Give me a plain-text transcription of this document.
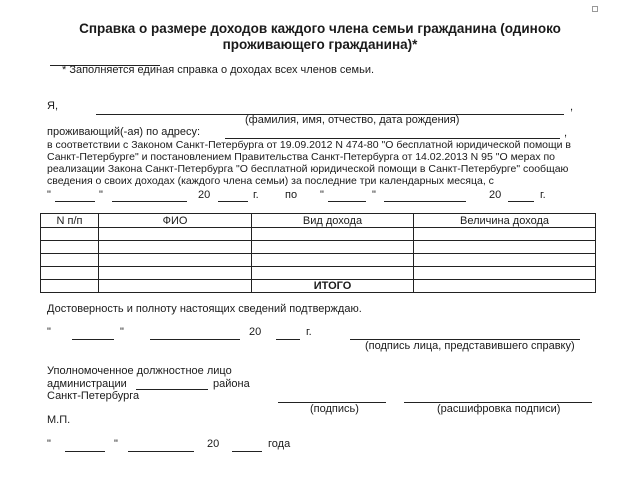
Справка о размере доходов каждого члена семьи гражданина (одиноко
проживающего гражданина)*
* Заполняется единая справка о доходах всех членов семьи.
Я,	,
(фамилия, имя, отчество, дата рождения)
проживающий(-ая) по адресу:	,
в соответствии с Законом Санкт-Петербурга от 19.09.2012 N 474-80 "О бесплатной юридической помощи в
Санкт-Петербурге" и постановлением Правительства Санкт-Петербурга от 14.02.2013 N 95 "О мерах по
реализации Закона Санкт-Петербурга "О бесплатной юридической помощи в Санкт-Петербурге" сообщаю
сведения о своих доходах (каждого члена семьи) за последние три календарных месяца, с
"	"	20	г. по "	"	20	г.
N п/п	ФИО	Вид дохода	Величина дохода

		ИТОГО	
Достоверность и полноту настоящих сведений подтверждаю.
"	"	20	г.
(подпись лица, представившего справку)
Уполномоченное должностное лицо
администрации	района
Санкт-Петербурга
(подпись)	(расшифровка подписи)
М.П.
"	"	20	года
